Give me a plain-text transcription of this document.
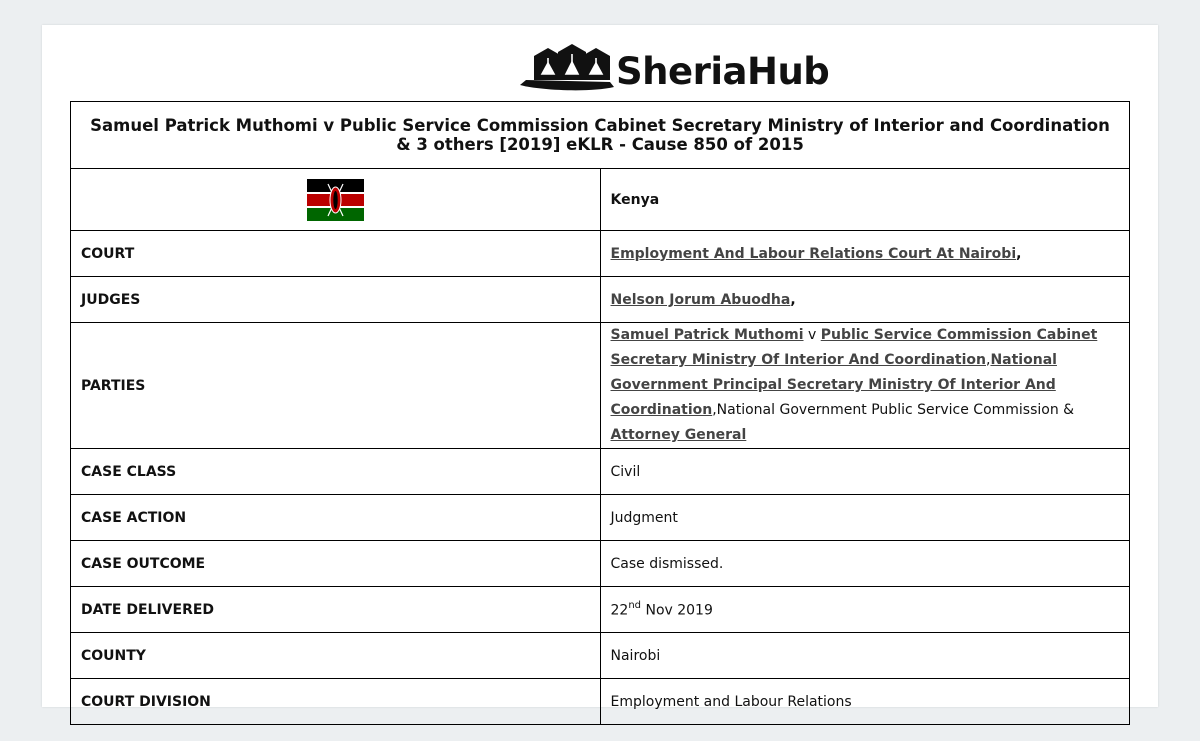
SheriaHub
Samuel Patrick Muthomi v Public Service Commission Cabinet Secretary Ministry of Interior and Coordination & 3 others [2019] eKLR - Cause 850 of 2015	
	Kenya
COURT	Employment And Labour Relations Court At Nairobi,
JUDGES	Nelson Jorum Abuodha,
PARTIES	Samuel Patrick Muthomi v Public Service Commission Cabinet Secretary Ministry Of Interior And Coordination,National Government Principal Secretary Ministry Of Interior And Coordination,National Government Public Service Commission & Attorney General
CASE CLASS	Civil
CASE ACTION	Judgment
CASE OUTCOME	Case dismissed.
DATE DELIVERED	22nd Nov 2019
COUNTY	Nairobi
COURT DIVISION	Employment and Labour Relations
